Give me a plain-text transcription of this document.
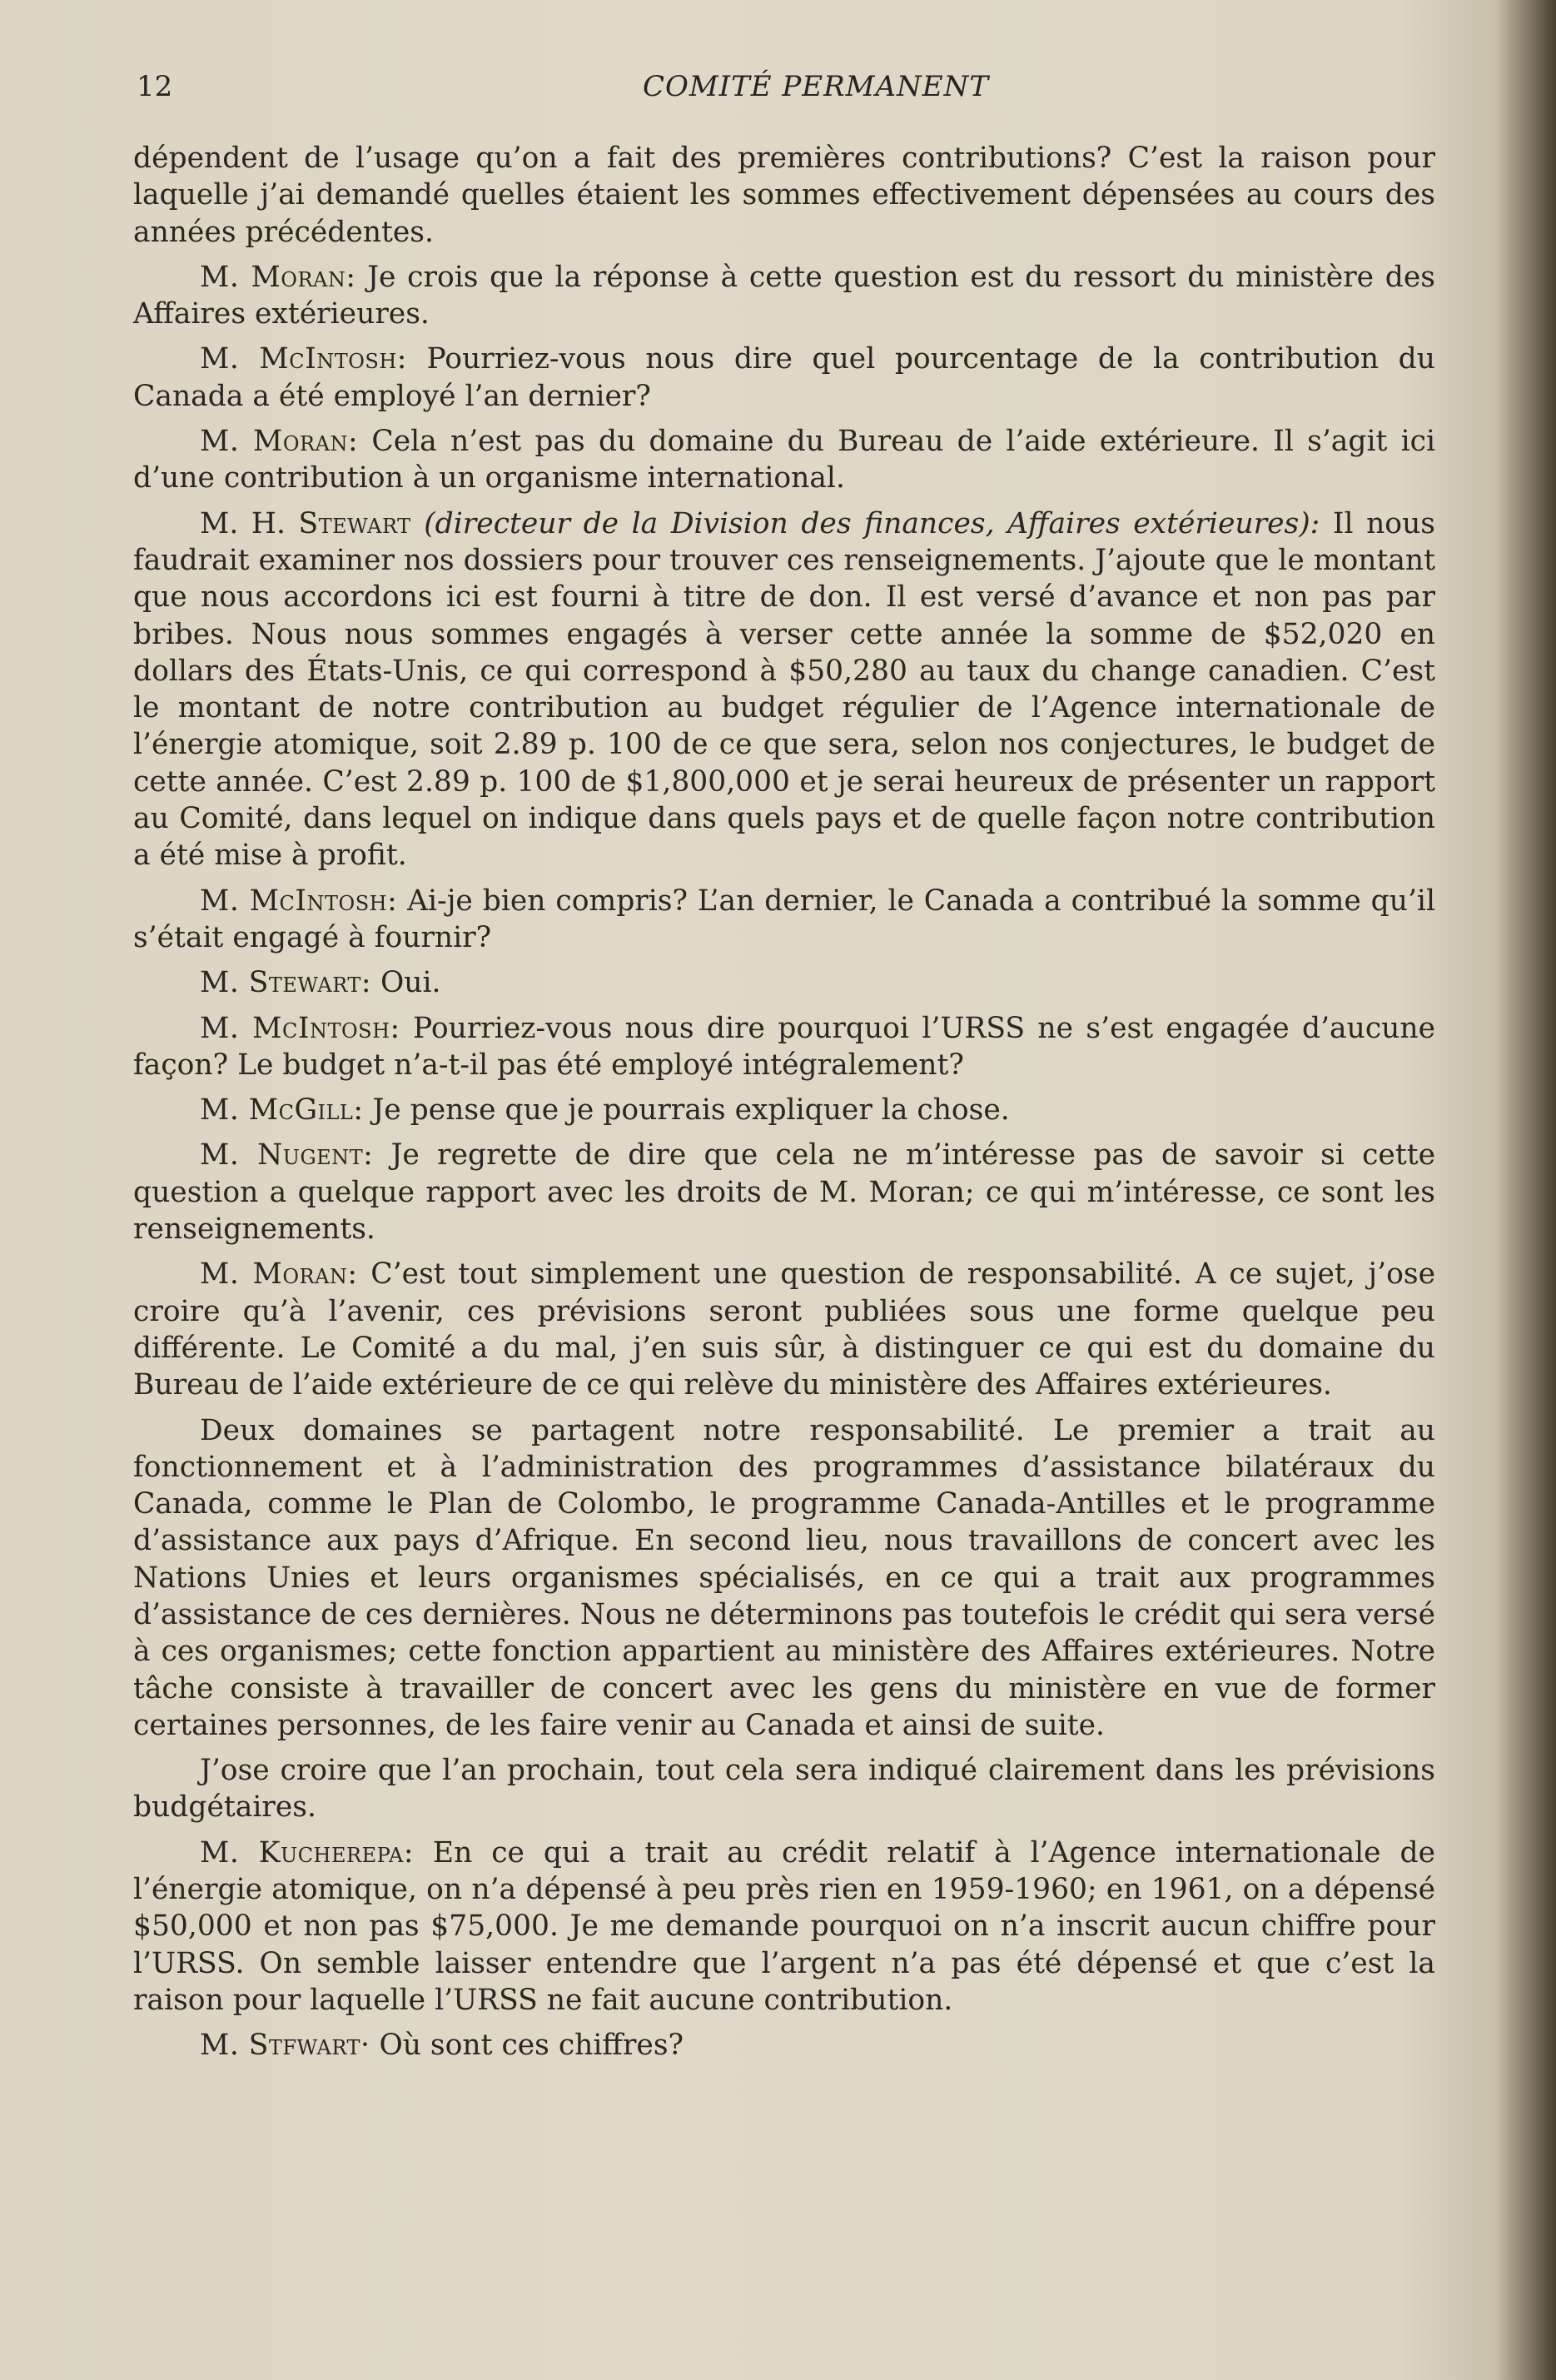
12	COMITÉ PERMANENT

dépendent de l’usage qu’on a fait des premières contributions? C’est la raison pour laquelle j’ai demandé quelles étaient les sommes effectivement dépensées au cours des années précédentes.

M. Moran: Je crois que la réponse à cette question est du ressort du ministère des Affaires extérieures.

M. McIntosh: Pourriez-vous nous dire quel pourcentage de la contribution du Canada a été employé l’an dernier?

M. Moran: Cela n’est pas du domaine du Bureau de l’aide extérieure. Il s’agit ici d’une contribution à un organisme international.

M. H. Stewart (directeur de la Division des finances, Affaires extérieures): Il nous faudrait examiner nos dossiers pour trouver ces renseignements. J’ajoute que le montant que nous accordons ici est fourni à titre de don. Il est versé d’avance et non pas par bribes. Nous nous sommes engagés à verser cette année la somme de $52,020 en dollars des États-Unis, ce qui correspond à $50,280 au taux du change canadien. C’est le montant de notre contribution au budget régulier de l’Agence internationale de l’énergie atomique, soit 2.89 p. 100 de ce que sera, selon nos conjectures, le budget de cette année. C’est 2.89 p. 100 de $1,800,000 et je serai heureux de présenter un rapport au Comité, dans lequel on indique dans quels pays et de quelle façon notre contribution a été mise à profit.

M. McIntosh: Ai-je bien compris? L’an dernier, le Canada a contribué la somme qu’il s’était engagé à fournir?

M. Stewart: Oui.

M. McIntosh: Pourriez-vous nous dire pourquoi l’URSS ne s’est engagée d’aucune façon? Le budget n’a-t-il pas été employé intégralement?

M. McGill: Je pense que je pourrais expliquer la chose.

M. Nugent: Je regrette de dire que cela ne m’intéresse pas de savoir si cette question a quelque rapport avec les droits de M. Moran; ce qui m’intéresse, ce sont les renseignements.

M. Moran: C’est tout simplement une question de responsabilité. A ce sujet, j’ose croire qu’à l’avenir, ces prévisions seront publiées sous une forme quelque peu différente. Le Comité a du mal, j’en suis sûr, à distinguer ce qui est du domaine du Bureau de l’aide extérieure de ce qui relève du ministère des Affaires extérieures.

Deux domaines se partagent notre responsabilité. Le premier a trait au fonctionnement et à l’administration des programmes d’assistance bilatéraux du Canada, comme le Plan de Colombo, le programme Canada-Antilles et le programme d’assistance aux pays d’Afrique. En second lieu, nous travaillons de concert avec les Nations Unies et leurs organismes spécialisés, en ce qui a trait aux programmes d’assistance de ces dernières. Nous ne déterminons pas toutefois le crédit qui sera versé à ces organismes; cette fonction appartient au ministère des Affaires extérieures. Notre tâche consiste à travailler de concert avec les gens du ministère en vue de former certaines personnes, de les faire venir au Canada et ainsi de suite.

J’ose croire que l’an prochain, tout cela sera indiqué clairement dans les prévisions budgétaires.

M. Kucherepa: En ce qui a trait au crédit relatif à l’Agence internationale de l’énergie atomique, on n’a dépensé à peu près rien en 1959-1960; en 1961, on a dépensé $50,000 et non pas $75,000. Je me demande pourquoi on n’a inscrit aucun chiffre pour l’URSS. On semble laisser entendre que l’argent n’a pas été dépensé et que c’est la raison pour laquelle l’URSS ne fait aucune contribution.

M. Stfwart· Où sont ces chiffres?
